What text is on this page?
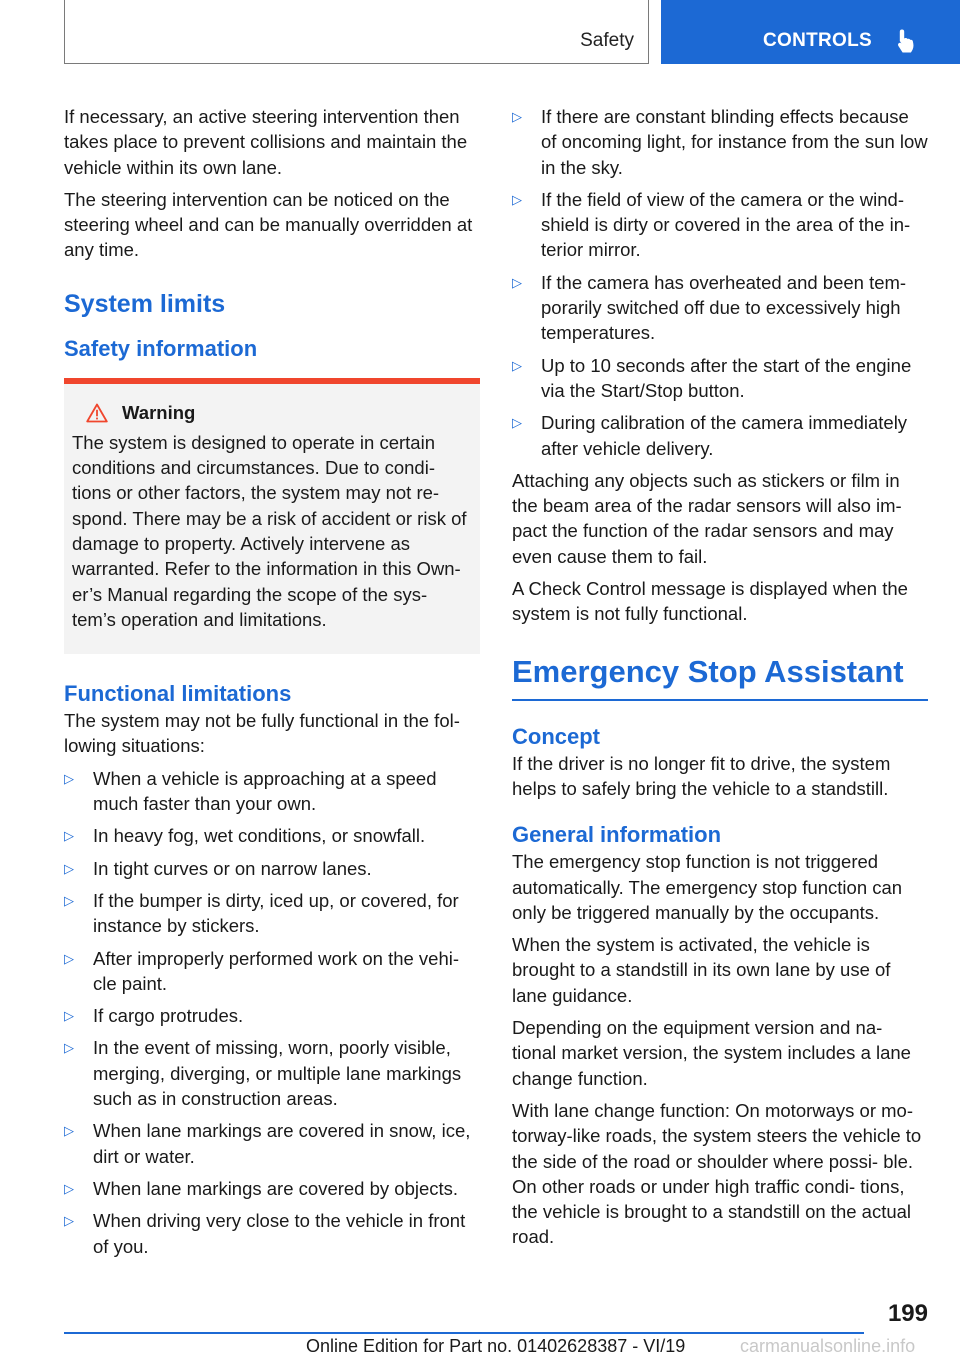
Safety	CONTROLS

If necessary, an active steering intervention then takes place to prevent collisions and maintain the vehicle within its own lane.

The steering intervention can be noticed on the steering wheel and can be manually overridden at any time.

System limits
Safety information
Warning

The system is designed to operate in certain conditions and circumstances. Due to condi‐ tions or other factors, the system may not re‐ spond. There may be a risk of accident or risk of damage to property. Actively intervene as warranted. Refer to the information in this Own‐ er’s Manual regarding the scope of the sys‐ tem’s operation and limitations.

Functional limitations

The system may not be fully functional in the fol‐ lowing situations:

▷	When a vehicle is approaching at a speed much faster than your own.
▷	In heavy fog, wet conditions, or snowfall.
▷	In tight curves or on narrow lanes.
▷	If the bumper is dirty, iced up, or covered, for instance by stickers.
▷	After improperly performed work on the vehi‐ cle paint.
▷	If cargo protrudes.
▷	In the event of missing, worn, poorly visible, merging, diverging, or multiple lane markings such as in construction areas.
▷	When lane markings are covered in snow, ice, dirt or water.
▷	When lane markings are covered by objects.
▷	When driving very close to the vehicle in front of you.
▷	If there are constant blinding effects because of oncoming light, for instance from the sun low in the sky.
▷	If the field of view of the camera or the wind‐ shield is dirty or covered in the area of the in‐ terior mirror.
▷	If the camera has overheated and been tem‐ porarily switched off due to excessively high temperatures.
▷	Up to 10 seconds after the start of the engine via the Start/Stop button.
▷	During calibration of the camera immediately after vehicle delivery.

Attaching any objects such as stickers or film in the beam area of the radar sensors will also im‐ pact the function of the radar sensors and may even cause them to fail.

A Check Control message is displayed when the system is not fully functional.

Emergency Stop Assistant
Concept

If the driver is no longer fit to drive, the system helps to safely bring the vehicle to a standstill.

General information

The emergency stop function is not triggered automatically. The emergency stop function can only be triggered manually by the occupants.

When the system is activated, the vehicle is brought to a standstill in its own lane by use of lane guidance.

Depending on the equipment version and na‐ tional market version, the system includes a lane change function.

With lane change function: On motorways or mo‐ torway-like roads, the system steers the vehicle to the side of the road or shoulder where possi‐ ble. On other roads or under high traffic condi‐ tions, the vehicle is brought to a standstill on the actual road.

199
Online Edition for Part no. 01402628387 - VI/19	carmanualsonline.info
